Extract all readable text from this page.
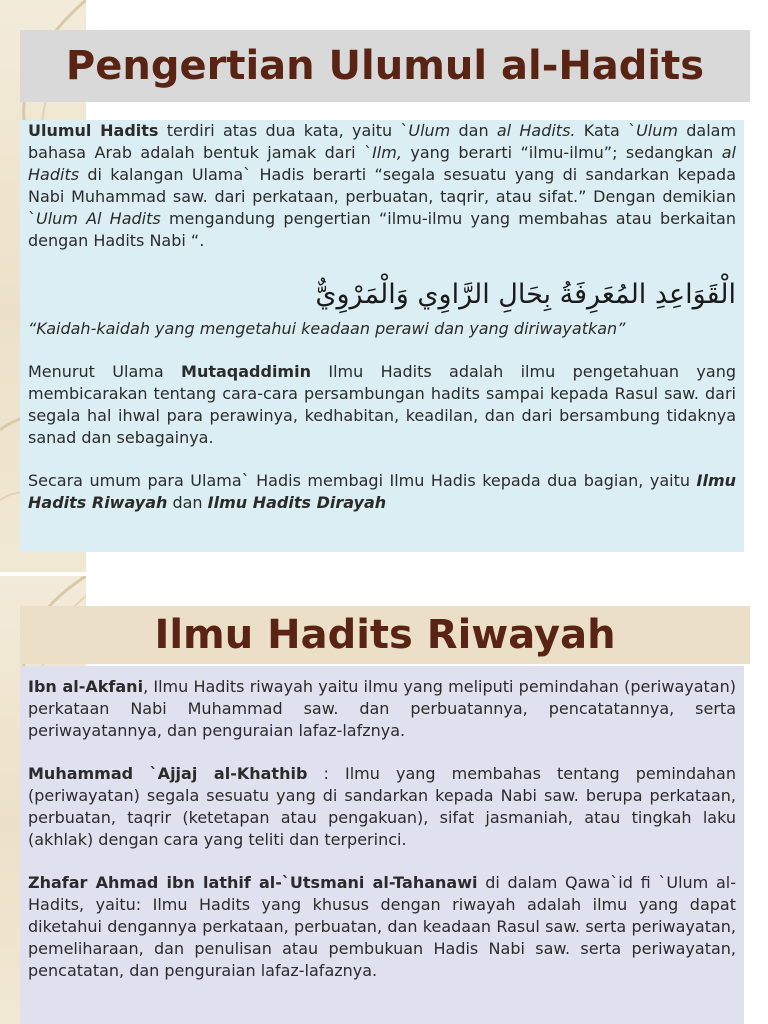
Pengertian Ulumul al-Hadits

Ulumul Hadits terdiri atas dua kata, yaitu `Ulum dan al Hadits. Kata `Ulum dalam bahasa Arab adalah bentuk jamak dari `Ilm, yang berarti “ilmu-ilmu”; sedangkan al Hadits di kalangan Ulama` Hadis berarti “segala sesuatu yang di sandarkan kepada Nabi Muhammad saw. dari perkataan, perbuatan, taqrir, atau sifat.” Dengan demikian `Ulum Al Hadits mengandung pengertian “ilmu-ilmu yang membahas atau berkaitan dengan Hadits Nabi “.

الْقَوَاعِدِ المُعَرِفَةُ بِحَالِ الرَّاوِي وَالْمَرْوِيٌّ

“Kaidah-kaidah yang mengetahui keadaan perawi dan yang diriwayatkan”

Menurut Ulama Mutaqaddimin Ilmu Hadits adalah ilmu pengetahuan yang membicarakan tentang cara-cara persambungan hadits sampai kepada Rasul saw. dari segala hal ihwal para perawinya, kedhabitan, keadilan, dan dari bersambung tidaknya sanad dan sebagainya.

Secara umum para Ulama` Hadis membagi Ilmu Hadis kepada dua bagian, yaitu Ilmu Hadits Riwayah dan Ilmu Hadits Dirayah

Ilmu Hadits Riwayah

Ibn al-Akfani, Ilmu Hadits riwayah yaitu ilmu yang meliputi pemindahan (periwayatan) perkataan Nabi Muhammad saw. dan perbuatannya, pencatatannya, serta periwayatannya, dan penguraian lafaz-lafznya.

Muhammad `Ajjaj al-Khathib : Ilmu yang membahas tentang pemindahan (periwayatan) segala sesuatu yang di sandarkan kepada Nabi saw. berupa perkataan, perbuatan, taqrir (ketetapan atau pengakuan), sifat jasmaniah, atau tingkah laku (akhlak) dengan cara yang teliti dan terperinci.

Zhafar Ahmad ibn lathif al-`Utsmani al-Tahanawi di dalam Qawa`id fi `Ulum al-Hadits, yaitu: Ilmu Hadits yang khusus dengan riwayah adalah ilmu yang dapat diketahui dengannya perkataan, perbuatan, dan keadaan Rasul saw. serta periwayatan, pemeliharaan, dan penulisan atau pembukuan Hadis Nabi saw. serta periwayatan, pencatatan, dan penguraian lafaz-lafaznya.
